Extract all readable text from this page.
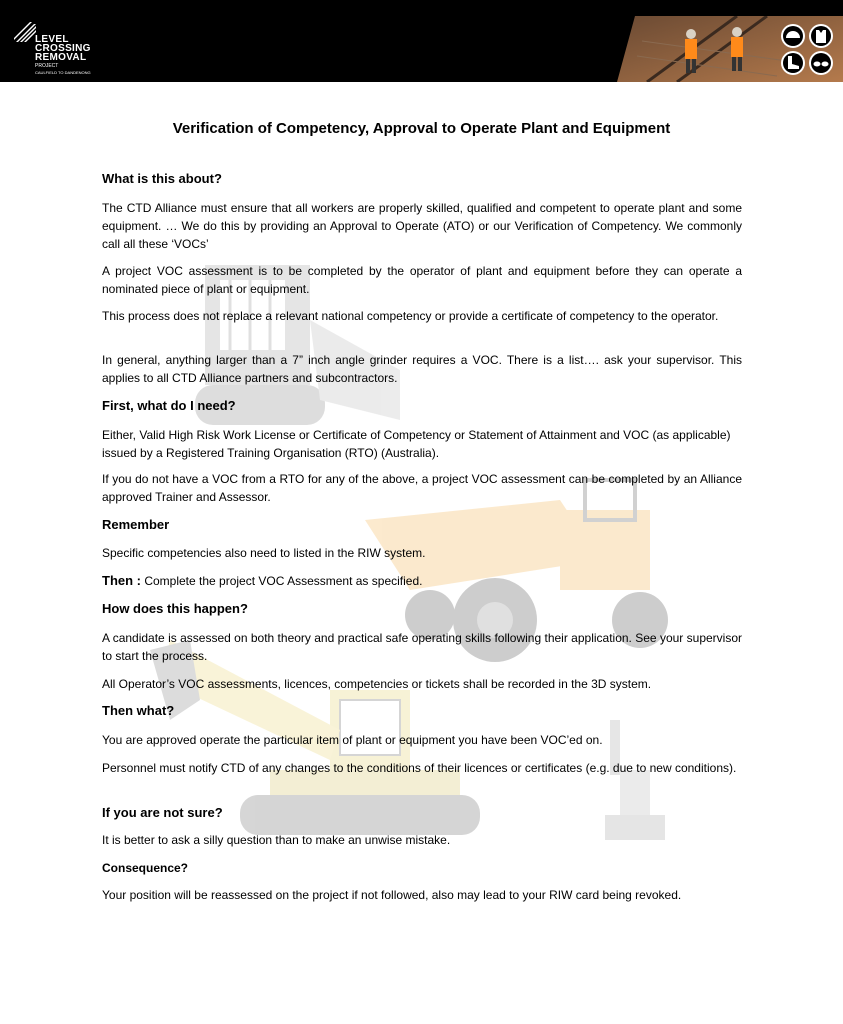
LEVEL
CROSSING
REMOVAL
PROJECT
CAULFIELD TO DANDENONG
Verification of Competency, Approval to Operate Plant and Equipment
What is this about?

The CTD Alliance must ensure that all workers are properly skilled, qualified and competent to operate plant and some equipment. … We do this by providing an Approval to Operate (ATO) or our Verification of Competency. We commonly call all these ‘VOCs’

A project VOC assessment is to be completed by the operator of plant and equipment before they can operate a nominated piece of plant or equipment.

This process does not replace a relevant national competency or provide a certificate of competency to the operator.

In general, anything larger than a 7” inch angle grinder requires a VOC. There is a list…. ask your supervisor. This applies to all CTD Alliance partners and subcontractors.

First, what do I need?

Either, Valid High Risk Work License or Certificate of Competency or Statement of Attainment and VOC (as applicable) issued by a Registered Training Organisation (RTO) (Australia).

If you do not have a VOC from a RTO for any of the above, a project VOC assessment can be completed by an Alliance approved Trainer and Assessor.

Remember

Specific competencies also need to listed in the RIW system.

Then : Complete the project VOC Assessment as specified.

How does this happen?

A candidate is assessed on both theory and practical safe operating skills following their application. See your supervisor to start the process.

All Operator’s VOC assessments, licences, competencies or tickets shall be recorded in the 3D system.

Then what?

You are approved operate the particular item of plant or equipment you have been VOC’ed on.

Personnel must notify CTD of any changes to the conditions of their licences or certificates (e.g. due to new conditions).

If you are not sure?

It is better to ask a silly question than to make an unwise mistake.

Consequence?

Your position will be reassessed on the project if not followed, also may lead to your RIW card being revoked.
